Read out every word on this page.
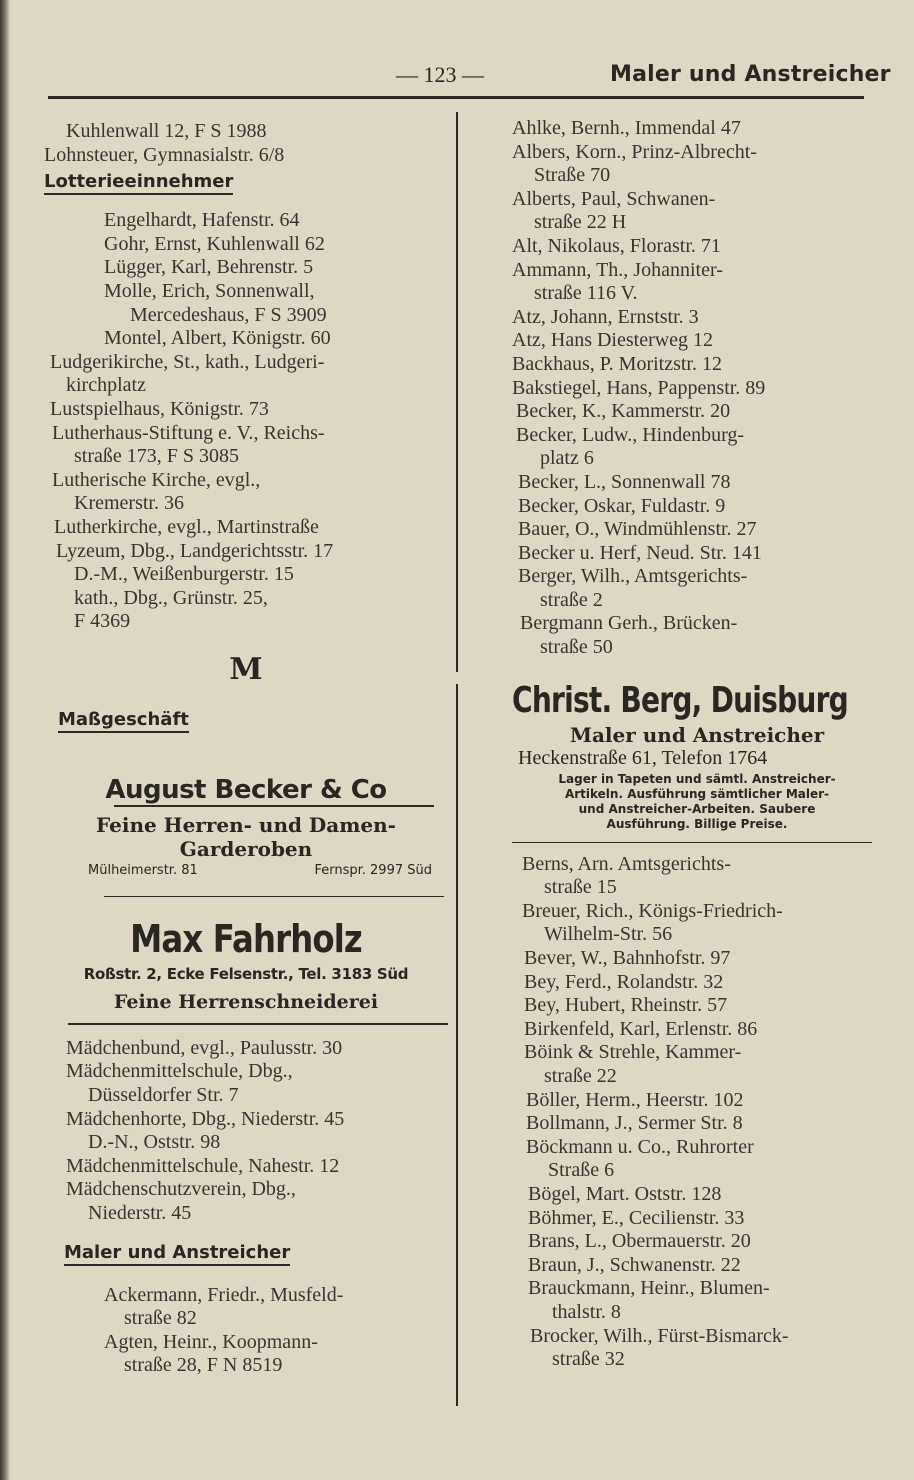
— 123 —	Maler und Anstreicher
Kuhlenwall 12, F S 1988
Lohnsteuer, Gymnasialstr. 6/8
Lotterieeinnehmer
Engelhardt, Hafenstr. 64
Gohr, Ernst, Kuhlenwall 62
Lügger, Karl, Behrenstr. 5
Molle, Erich, Sonnenwall,
Mercedeshaus, F S 3909
Montel, Albert, Königstr. 60
Ludgerikirche, St., kath., Ludgeri-
kirchplatz
Lustspielhaus, Königstr. 73
Lutherhaus-Stiftung e. V., Reichs-
straße 173, F S 3085
Lutherische Kirche, evgl.,
Kremerstr. 36
Lutherkirche, evgl., Martinstraße
Lyzeum, Dbg., Landgerichtsstr. 17
D.-M., Weißenburgerstr. 15
kath., Dbg., Grünstr. 25,
F 4369
M
Maßgeschäft
August Becker & Co
Feine Herren- und Damen-
Garderoben
Mülheimerstr. 81	Fernspr. 2997 Süd
Max Fahrholz
Roßstr. 2, Ecke Felsenstr., Tel. 3183 Süd
Feine Herrenschneiderei
Mädchenbund, evgl., Paulusstr. 30
Mädchenmittelschule, Dbg.,
Düsseldorfer Str. 7
Mädchenhorte, Dbg., Niederstr. 45
D.-N., Oststr. 98
Mädchenmittelschule, Nahestr. 12
Mädchenschutzverein, Dbg.,
Niederstr. 45
Maler und Anstreicher
Ackermann, Friedr., Musfeld-
straße 82
Agten, Heinr., Koopmann-
straße 28, F N 8519
Ahlke, Bernh., Immendal 47
Albers, Korn., Prinz-Albrecht-
Straße 70
Alberts, Paul, Schwanen-
straße 22 H
Alt, Nikolaus, Florastr. 71
Ammann, Th., Johanniter-
straße 116 V.
Atz, Johann, Ernststr. 3
Atz, Hans Diesterweg 12
Backhaus, P. Moritzstr. 12
Bakstiegel, Hans, Pappenstr. 89
Becker, K., Kammerstr. 20
Becker, Ludw., Hindenburg-
platz 6
Becker, L., Sonnenwall 78
Becker, Oskar, Fuldastr. 9
Bauer, O., Windmühlenstr. 27
Becker u. Herf, Neud. Str. 141
Berger, Wilh., Amtsgerichts-
straße 2
Bergmann Gerh., Brücken-
straße 50
Christ. Berg, Duisburg
Maler und Anstreicher
Heckenstraße 61, Telefon 1764
Lager in Tapeten und sämtl. Anstreicher-
Artikeln. Ausführung sämtlicher Maler-
und Anstreicher-Arbeiten. Saubere
Ausführung. Billige Preise.
Berns, Arn. Amtsgerichts-
straße 15
Breuer, Rich., Königs-Friedrich-
Wilhelm-Str. 56
Bever, W., Bahnhofstr. 97
Bey, Ferd., Rolandstr. 32
Bey, Hubert, Rheinstr. 57
Birkenfeld, Karl, Erlenstr. 86
Böink & Strehle, Kammer-
straße 22
Böller, Herm., Heerstr. 102
Bollmann, J., Sermer Str. 8
Böckmann u. Co., Ruhrorter
Straße 6
Bögel, Mart. Oststr. 128
Böhmer, E., Cecilienstr. 33
Brans, L., Obermauerstr. 20
Braun, J., Schwanenstr. 22
Brauckmann, Heinr., Blumen-
thalstr. 8
Brocker, Wilh., Fürst-Bismarck-
straße 32
